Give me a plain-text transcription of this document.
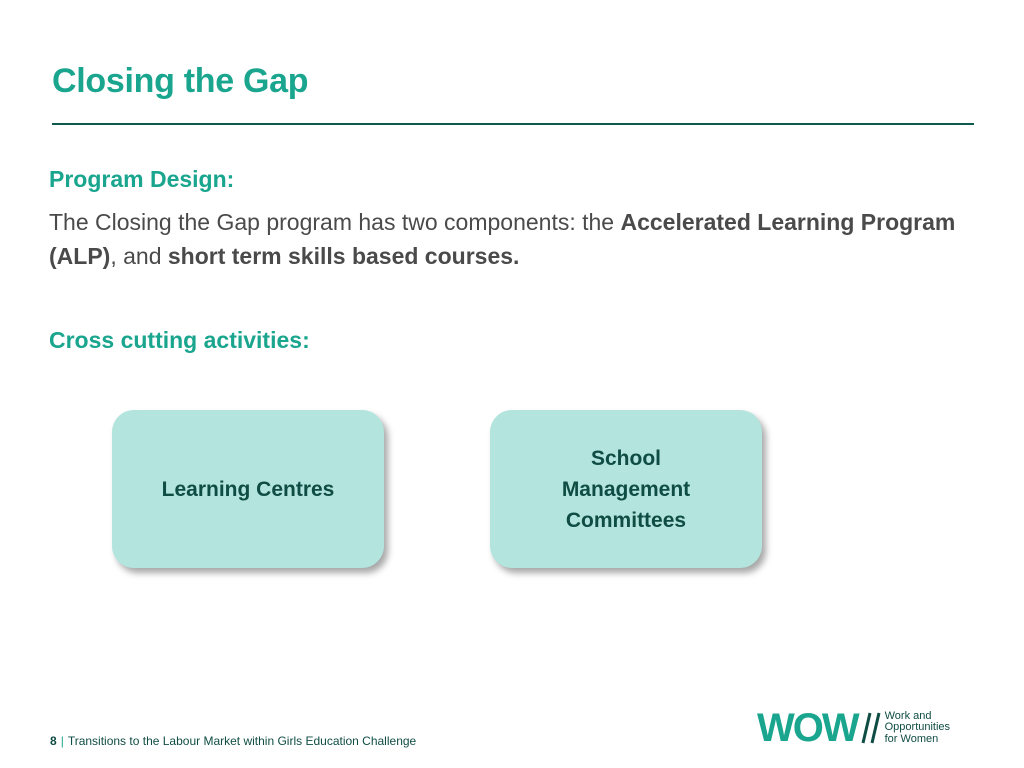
Closing the Gap
Program Design:
The Closing the Gap program has two components: the Accelerated Learning Program (ALP), and short term skills based courses.
Cross cutting activities:
Learning Centres
School
Management
Committees
8 | Transitions to the Labour Market within Girls Education Challenge	WOW Work and
Opportunities
for Women
